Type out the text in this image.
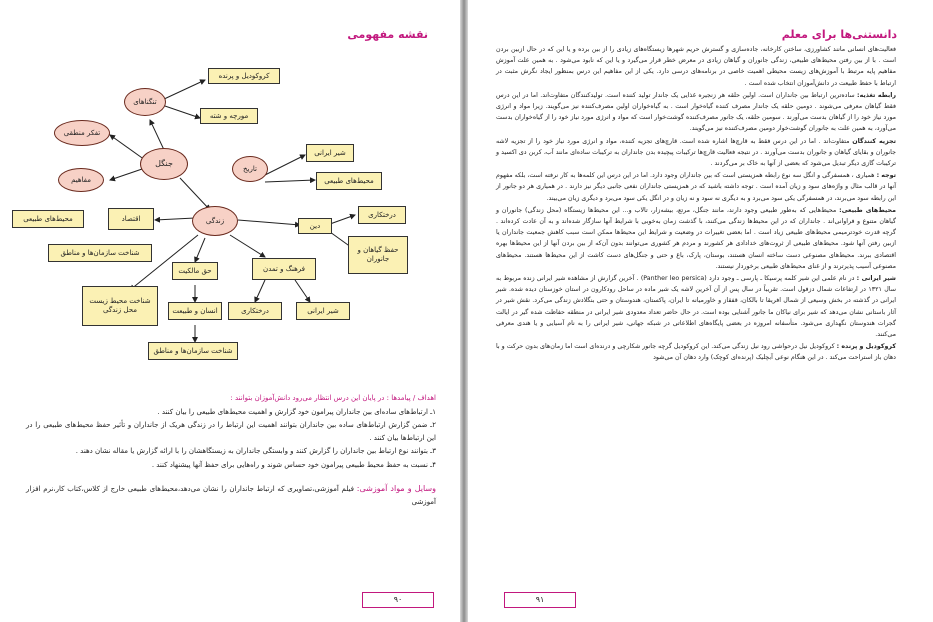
نقشه مفهومی
جنگل
تنگناهای
کروکودیل و پرنده
مورچه و شته
تفکر منطقی
مفاهیم
زندگی
محیط‌های طبیعی	اقتصاد
شناخت سازمان‌ها و مناطق
تاریخ
شیر ایرانی
محیط‌های طبیعی
دین
درختکاری
حفظ گیاهان و جانوران
فرهنگ و تمدن
حق مالکیت
انسان و طبیعت	درختکاری	شیر ایرانی
شناخت محیط زیست محل زندگی
شناخت سازمان‌ها و مناطق

اهداف / پیامدها : در پایان این درس انتظار می‌رود دانش‌آموزان بتوانند :

۱ـ ارتباط‌های ساده‌ای بین جانداران پیرامون خود گزارش و اهمیت محیط‌های طبیعی را بیان کنند .

۲ـ ضمن گزارش ارتباط‌های ساده بین جانداران بتوانند اهمیت این ارتباط را در زندگی هریک از جانداران و تأثیر حفظ محیط‌های طبیعی را در این ارتباط‌ها بیان کنند .

۳ـ بتوانند نوع ارتباط بین جانداران را گزارش کنند و وابستگی جانداران به زیستگاهشان را با ارائه گزارش یا مقاله نشان دهند .

۴ـ نسبت به حفظ محیط طبیعی پیرامون خود حساس شوند و راه‌هایی برای حفظ آنها پیشنهاد کنند .

وسایل و مواد آموزشی: فیلم آموزشی،تصاویری که ارتباط جانداران را نشان می‌دهد،محیط‌های طبیعی خارج از کلاس،کتاب کار،نرم افزار آموزشی

۹۰
دانستنی‌ها برای معلم

فعالیت‌های انسانی مانند کشاورزی، ساختن کارخانه، جاده‌سازی و گسترش حریم شهرها زیستگاه‌های زیادی را از بین برده و یا این که در حال ازبین بردن است . با از بین رفتن محیط‌های طبیعی، زندگی جانوران و گیاهان زیادی در معرض خطر قرار می‌گیرد و یا این که نابود می‌شود . به همین علت آموزش مفاهیم پایه مرتبط با آموزش‌های زیست محیطی اهمیت خاصی در برنامه‌های درسی دارد. یکی از این مفاهیم این درس بمنظور ایجاد نگرش مثبت در ارتباط با حفظ طبیعت در دانش‌آموزان انتخاب شده است .

رابطه تغذیه: ساده‌ترین ارتباط بین جانداران است. اولین حلقه هر زنجیره غذایی یک جاندار تولید کننده است. تولیدکنندگان متفاوت‌اند. اما در این درس فقط گیاهان معرفی می‌شوند . دومین حلقه یک جاندار مصرف کننده گیاه‌خوار است . به گیاه‌خواران اولین مصرف‌کننده نیز می‌گویند. زیرا مواد و انرژی مورد نیاز خود را از گیاهان بدست می‌آورند . سومین حلقه، یک جانور مصرف‌کننده گوشت‌خوار است که مواد و انرژی مورد نیاز خود را از گیاه‌خواران بدست می‌آورد، به همین علت به جانوران گوشت‌خوار دومین مصرف‌کننده نیز می‌گویند.

تجزیه کنندگان متفاوت‌اند . اما در این درس فقط به قارچ‌ها اشاره شده است. قارچ‌های تجزیه کننده، مواد و انرژی مورد نیاز خود را از تجزیه لاشه جانوران و بقایای گیاهان و جانوران بدست می‌آورند . در نتیجه فعالیت قارچ‌ها ترکیبات پیچیده بدن جانداران به ترکیبات ساده‌ای مانند آب، کربن دی اکسید و ترکیبات گازی دیگر تبدیل می‌شود که بعضی از آنها به خاک بر می‌گردند .

توجه : همیاری ، همسفرگی و انگل سه نوع رابطه همزیستی است که بین جانداران وجود دارد. اما در این درس این کلمه‌ها به کار نرفته است، بلکه مفهوم آنها در قالب مثال و واژه‌های سود و زیان آمده است . توجه داشته باشید که در همزیستی جانداران نفعی جانبی دیگر نیز دارند . در همیاری هر دو جانور از این رابطه سود می‌برند، در همسفرگی یکی سود می‌برد و به دیگری نه سود و نه زیان و در انگل یکی سود می‌برد و دیگری زیان می‌بیند.

محیط‌های طبیعی: محیط‌هایی که به‌طور طبیعی وجود دارند، مانند جنگل، مرتع، بیشه‌زار، تالاب و... این محیط‌ها زیستگاه (محل زندگی) جانوران و گیاهان متنوع و فراوانی‌اند . جانداران که در این محیط‌ها زندگی می‌کنند، با گذشت زمان به‌خوبی با شرایط آنها سازگار شده‌اند و به آن عادت کرده‌اند . گرچه قدرت خودترمیمی محیط‌های طبیعی زیاد است . اما بعضی تغییرات در وضعیت و شرایط این محیط‌ها ممکن است سبب کاهش جمعیت جانداران یا ازبین رفتن آنها شود. محیط‌های طبیعی از ثروت‌های خدادادی هر کشورند و مردم هر کشوری می‌توانند بدون آن‌که از بین بردن آنها از این محیط‌ها بهره اقتصادی ببرند. محیط‌های مصنوعی دست ساخته انسان هستند، بوستان، پارک، باغ و حتی و جنگل‌های دست کاشت از این محیط‌ها هستند. محیط‌های مصنوعی آسیب پذیرترند و از غنای محیط‌های طبیعی برخوردار نیستند.

شیر ایرانی : در نام علمی این شیر کلمه پرسیکا ـ پارسی ـ وجود دارد (Panther leo persica) . آخرین گزارش از مشاهده شیر ایرانی زنده مربوط به سال ۱۳۲۱ در ارتفاعات شمال دزفول است. تقریباً در سال پس از آن آخرین لاشه یک شیر ماده در ساحل رودکارون در استان خوزستان دیده شده. شیر ایرانی در گذشته در بخش وسیعی از شمال افریقا تا بالکان، قفقاز و خاورمیانه تا ایران، پاکستان، هندوستان و حتی بنگلادش زندگی می‌کرد. نقش شیر در آثار باستانی نشان می‌دهد که شیر برای نیاکان ما جانور آشنایی بوده است. در حال حاضر تعداد معدودی شیر ایرانی در منطقه حفاظت شده گیر در ایالت گجرات هندوستان نگهداری می‌شود. متأسفانه امروزه در بعضی پایگاه‌های اطلاعاتی در شبکه جهانی، شیر ایرانی را به نام آسیایی و یا هندی معرفی می‌کنند.

کروکودیل و پرنده : کروکودیل نیل درحواشی رود نیل زندگی می‌کند. این کروکودیل گرچه جانور شکارچی و درنده‌ای است اما زمان‌های بدون حرکت و با دهان باز استراحت می‌کند . در این هنگام نوعی آبچلیک (پرنده‌ای کوچک) وارد دهان آن می‌شود

۹۱
